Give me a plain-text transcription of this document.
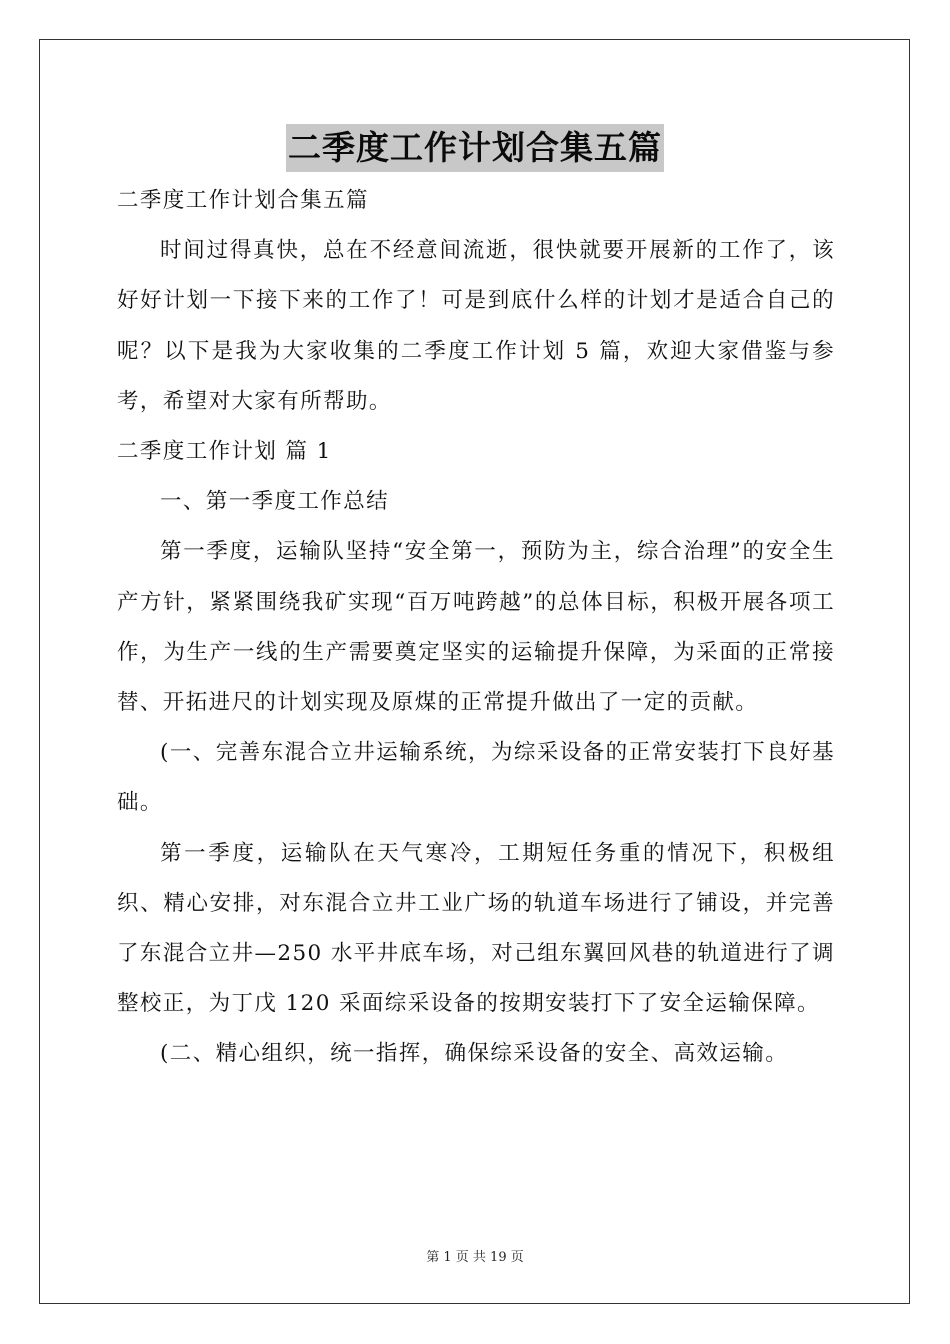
二季度工作计划合集五篇

二季度工作计划合集五篇

时间过得真快，总在不经意间流逝，很快就要开展新的工作了，该好好计划一下接下来的工作了！可是到底什么样的计划才是适合自己的呢？以下是我为大家收集的二季度工作计划 5 篇，欢迎大家借鉴与参考，希望对大家有所帮助。

二季度工作计划 篇 1

一、第一季度工作总结

第一季度，运输队坚持“安全第一，预防为主，综合治理”的安全生产方针，紧紧围绕我矿实现“百万吨跨越”的总体目标，积极开展各项工作，为生产一线的生产需要奠定坚实的运输提升保障，为采面的正常接替、开拓进尺的计划实现及原煤的正常提升做出了一定的贡献。

(一、完善东混合立井运输系统，为综采设备的正常安装打下良好基础。

第一季度，运输队在天气寒冷，工期短任务重的情况下，积极组织、精心安排，对东混合立井工业广场的轨道车场进行了铺设，并完善了东混合立井—250 水平井底车场，对己组东翼回风巷的轨道进行了调整校正，为丁戊 120 采面综采设备的按期安装打下了安全运输保障。

(二、精心组织，统一指挥，确保综采设备的安全、高效运输。

第 1 页 共 19 页
